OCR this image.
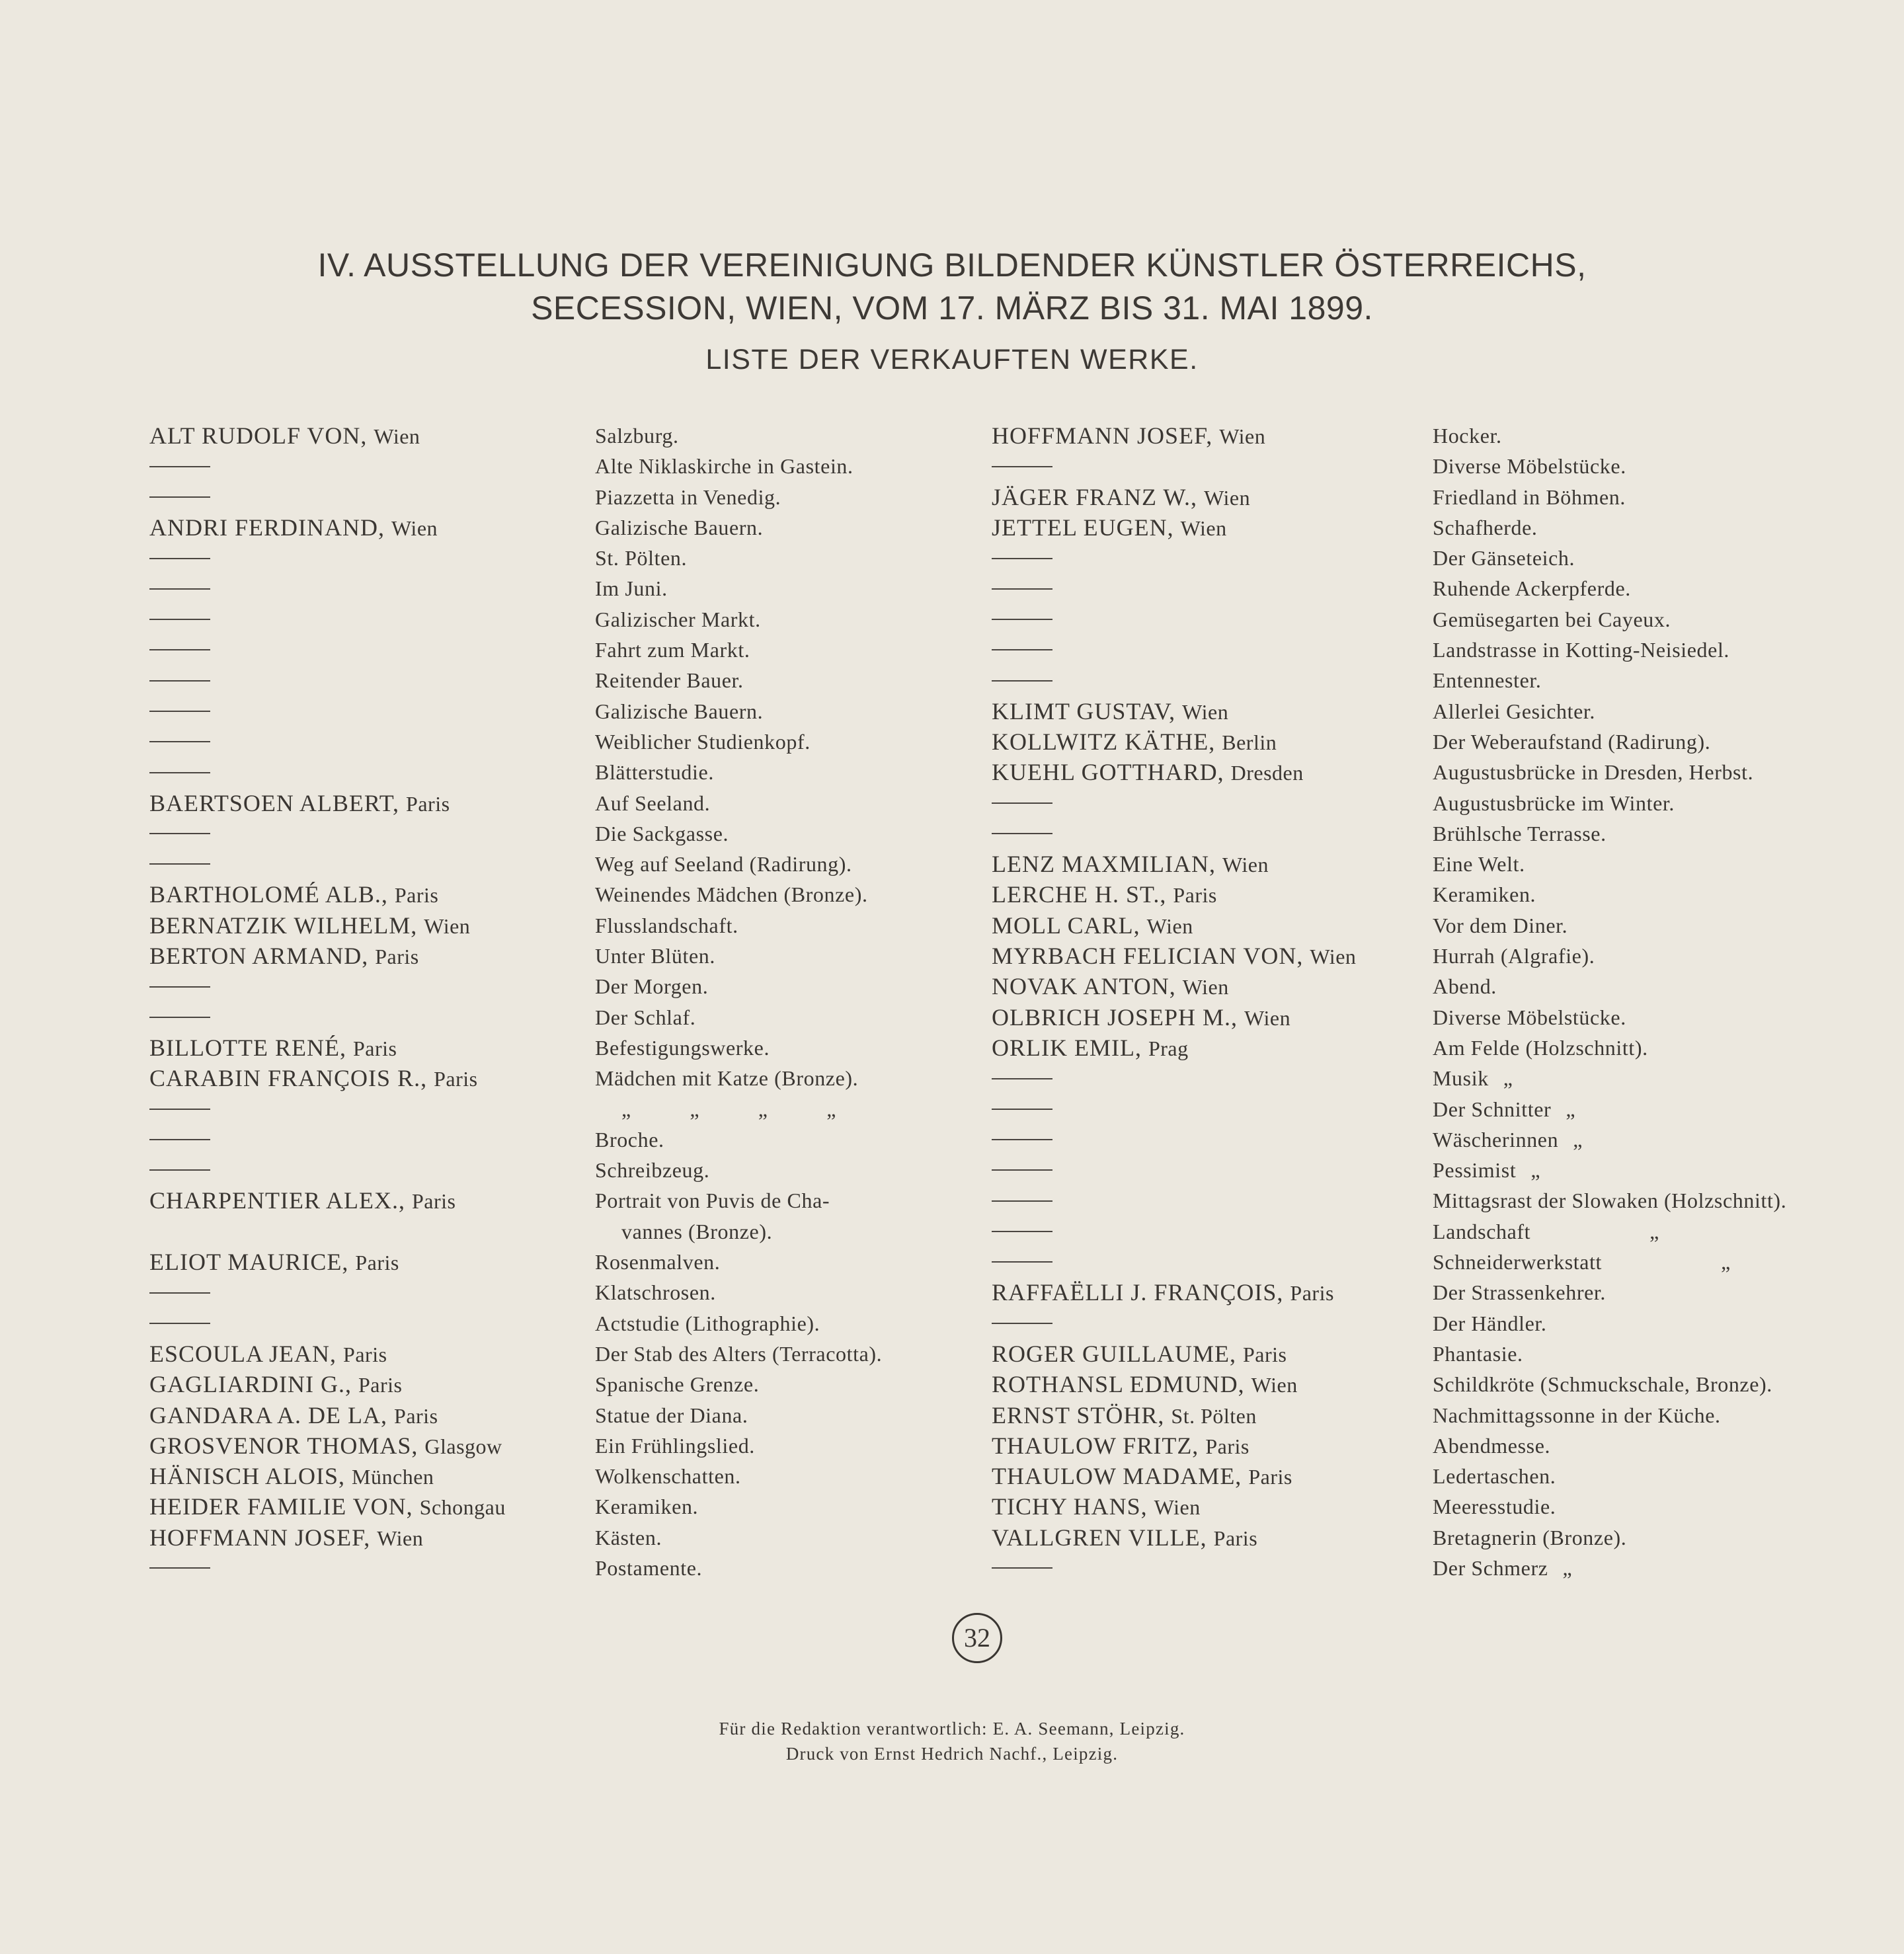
IV. AUSSTELLUNG DER VEREINIGUNG BILDENDER KÜNSTLER ÖSTERREICHS,
SECESSION, WIEN, VOM 17. MÄRZ BIS 31. MAI 1899.
LISTE DER VERKAUFTEN WERKE.
ALT RUDOLF VON, Wien
ANDRI FERDINAND, Wien
BAERTSOEN ALBERT, Paris
BARTHOLOMÉ ALB., Paris
BERNATZIK WILHELM, Wien
BERTON ARMAND, Paris
BILLOTTE RENÉ, Paris
CARABIN FRANÇOIS R., Paris
CHARPENTIER ALEX., Paris
ELIOT MAURICE, Paris
ESCOULA JEAN, Paris
GAGLIARDINI G., Paris
GANDARA A. DE LA, Paris
GROSVENOR THOMAS, Glasgow
HÄNISCH ALOIS, München
HEIDER FAMILIE VON, Schongau
HOFFMANN JOSEF, Wien
Salzburg.
Alte Niklaskirche in Gastein.
Piazzetta in Venedig.
Galizische Bauern.
St. Pölten.
Im Juni.
Galizischer Markt.
Fahrt zum Markt.
Reitender Bauer.
Galizische Bauern.
Weiblicher Studienkopf.
Blätterstudie.
Auf Seeland.
Die Sackgasse.
Weg auf Seeland (Radirung).
Weinendes Mädchen (Bronze).
Flusslandschaft.
Unter Blüten.
Der Morgen.
Der Schlaf.
Befestigungswerke.
Mädchen mit Katze (Bronze).
„ „ „ „
Broche.
Schreibzeug.
Portrait von Puvis de Cha-
vannes (Bronze).
Rosenmalven.
Klatschrosen.
Actstudie (Lithographie).
Der Stab des Alters (Terracotta).
Spanische Grenze.
Statue der Diana.
Ein Frühlingslied.
Wolkenschatten.
Keramiken.
Kästen.
Postamente.
HOFFMANN JOSEF, Wien
JÄGER FRANZ W., Wien
JETTEL EUGEN, Wien
KLIMT GUSTAV, Wien
KOLLWITZ KÄTHE, Berlin
KUEHL GOTTHARD, Dresden
LENZ MAXMILIAN, Wien
LERCHE H. ST., Paris
MOLL CARL, Wien
MYRBACH FELICIAN VON, Wien
NOVAK ANTON, Wien
OLBRICH JOSEPH M., Wien
ORLIK EMIL, Prag
RAFFAËLLI J. FRANÇOIS, Paris
ROGER GUILLAUME, Paris
ROTHANSL EDMUND, Wien
ERNST STÖHR, St. Pölten
THAULOW FRITZ, Paris
THAULOW MADAME, Paris
TICHY HANS, Wien
VALLGREN VILLE, Paris
Hocker.
Diverse Möbelstücke.
Friedland in Böhmen.
Schafherde.
Der Gänseteich.
Ruhende Ackerpferde.
Gemüsegarten bei Cayeux.
Landstrasse in Kotting-Neisiedel.
Entennester.
Allerlei Gesichter.
Der Weberaufstand (Radirung).
Augustusbrücke in Dresden, Herbst.
Augustusbrücke im Winter.
Brühlsche Terrasse.
Eine Welt.
Keramiken.
Vor dem Diner.
Hurrah (Algrafie).
Abend.
Diverse Möbelstücke.
Am Felde (Holzschnitt).
Musik „
Der Schnitter „
Wäscherinnen „
Pessimist „
Mittagsrast der Slowaken (Holzschnitt).
Landschaft	„
Schneiderwerkstatt	„
Der Strassenkehrer.
Der Händler.
Phantasie.
Schildkröte (Schmuckschale, Bronze).
Nachmittagssonne in der Küche.
Abendmesse.
Ledertaschen.
Meeresstudie.
Bretagnerin (Bronze).
Der Schmerz „
32
Für die Redaktion verantwortlich: E. A. Seemann, Leipzig.
Druck von Ernst Hedrich Nachf., Leipzig.
